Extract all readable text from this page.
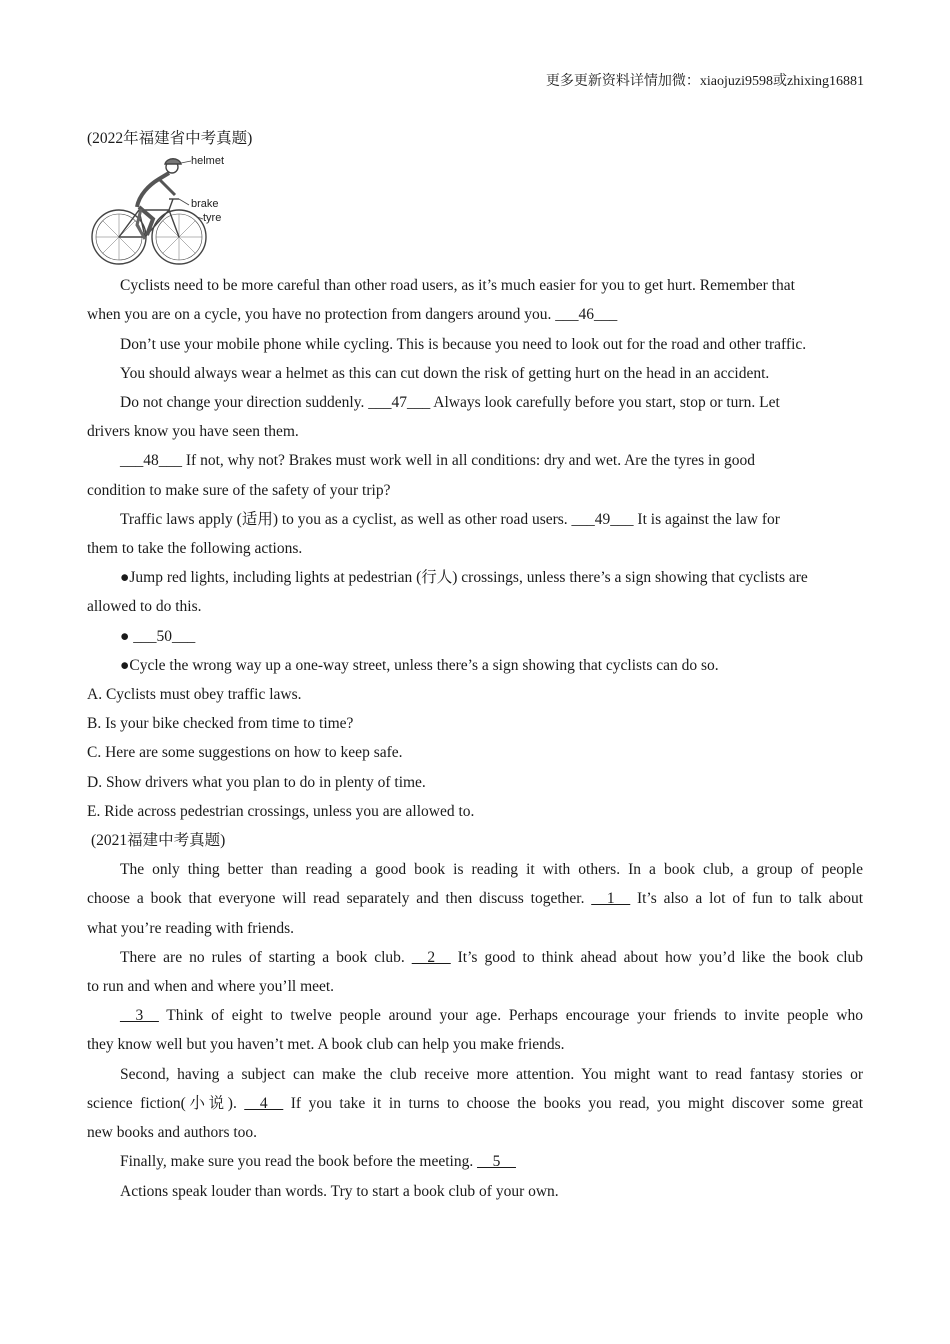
更多更新资料详情加微：xiaojuzi9598或zhixing16881

(2022年福建省中考真题)

helmet
brake
tyre

Cyclists need to be more careful than other road users, as it’s much easier for you to get hurt. Remember that

when you are on a cycle, you have no protection from dangers around you. ___46___

Don’t use your mobile phone while cycling. This is because you need to look out for the road and other traffic.

You should always wear a helmet as this can cut down the risk of getting hurt on the head in an accident.

Do not change your direction suddenly. ___47___ Always look carefully before you start, stop or turn. Let

drivers know you have seen them.

___48___ If not, why not? Brakes must work well in all conditions: dry and wet. Are the tyres in good

condition to make sure of the safety of your trip?

Traffic laws apply (适用) to you as a cyclist, as well as other road users. ___49___ It is against the law for

them to take the following actions.

●Jump red lights, including lights at pedestrian (行人) crossings, unless there’s a sign showing that cyclists are

allowed to do this.

● ___50___

●Cycle the wrong way up a one-way street, unless there’s a sign showing that cyclists can do so.

A. Cyclists must obey traffic laws.

B. Is your bike checked from time to time?

C. Here are some suggestions on how to keep safe.

D. Show drivers what you plan to do in plenty of time.

E. Ride across pedestrian crossings, unless you are allowed to.

(2021福建中考真题)

The only thing better than reading a good book is reading it with others. In a book club, a group of people

choose a book that everyone will read separately and then discuss together. __1__ It’s also a lot of fun to talk about

what you’re reading with friends.

There are no rules of starting a book club. __2__ It’s good to think ahead about how you’d like the book club

to run and when and where you’ll meet.

__3__ Think of eight to twelve people around your age. Perhaps encourage your friends to invite people who

they know well but you haven’t met. A book club can help you make friends.

Second, having a subject can make the club receive more attention. You might want to read fantasy stories or

science fiction(小说). __4__ If you take it in turns to choose the books you read, you might discover some great

new books and authors too.

Finally, make sure you read the book before the meeting. __5__

Actions speak louder than words. Try to start a book club of your own.
